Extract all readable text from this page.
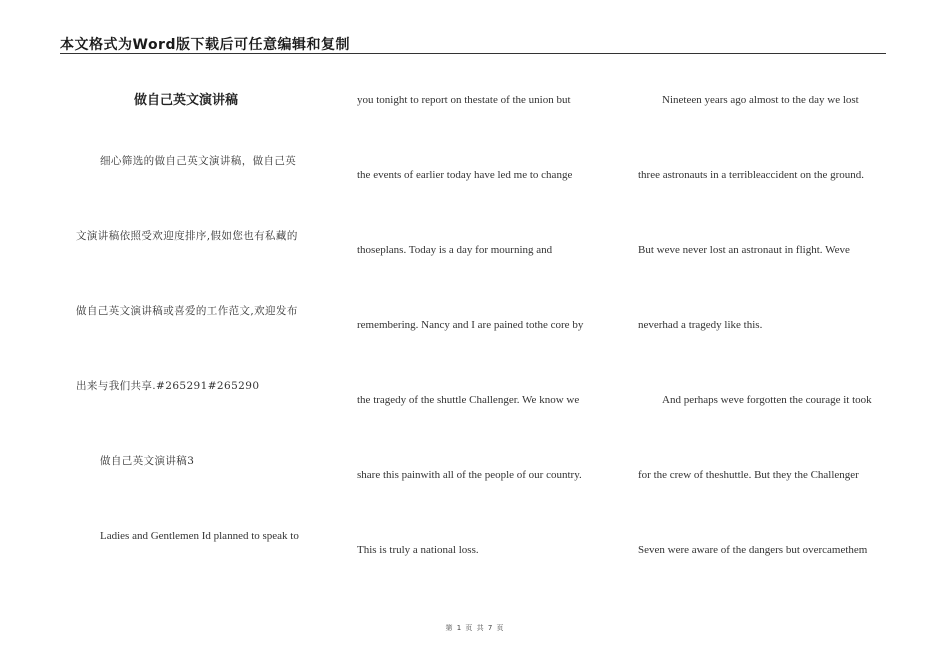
本文格式为Word版下载后可任意编辑和复制
做自己英文演讲稿
细心筛选的做自己英文演讲稿，做自己英
文演讲稿依照受欢迎度排序,假如您也有私藏的
做自己英文演讲稿或喜爱的工作范文,欢迎发布
出来与我们共享.#265291#265290
做自己英文演讲稿3
Ladies and Gentlemen Id planned to speak to
you tonight to report on thestate of the union but
the events of earlier today have led me to change
thoseplans. Today is a day for mourning and
remembering. Nancy and I are pained tothe core by
the tragedy of the shuttle Challenger. We know we
share this painwith all of the people of our country.
This is truly a national loss.
Nineteen years ago almost to the day we lost
three astronauts in a terribleaccident on the ground.
But weve never lost an astronaut in flight. Weve
neverhad a tragedy like this.
And perhaps weve forgotten the courage it took
for the crew of theshuttle. But they the Challenger
Seven were aware of the dangers but overcamethem
第 1 页 共 7 页
